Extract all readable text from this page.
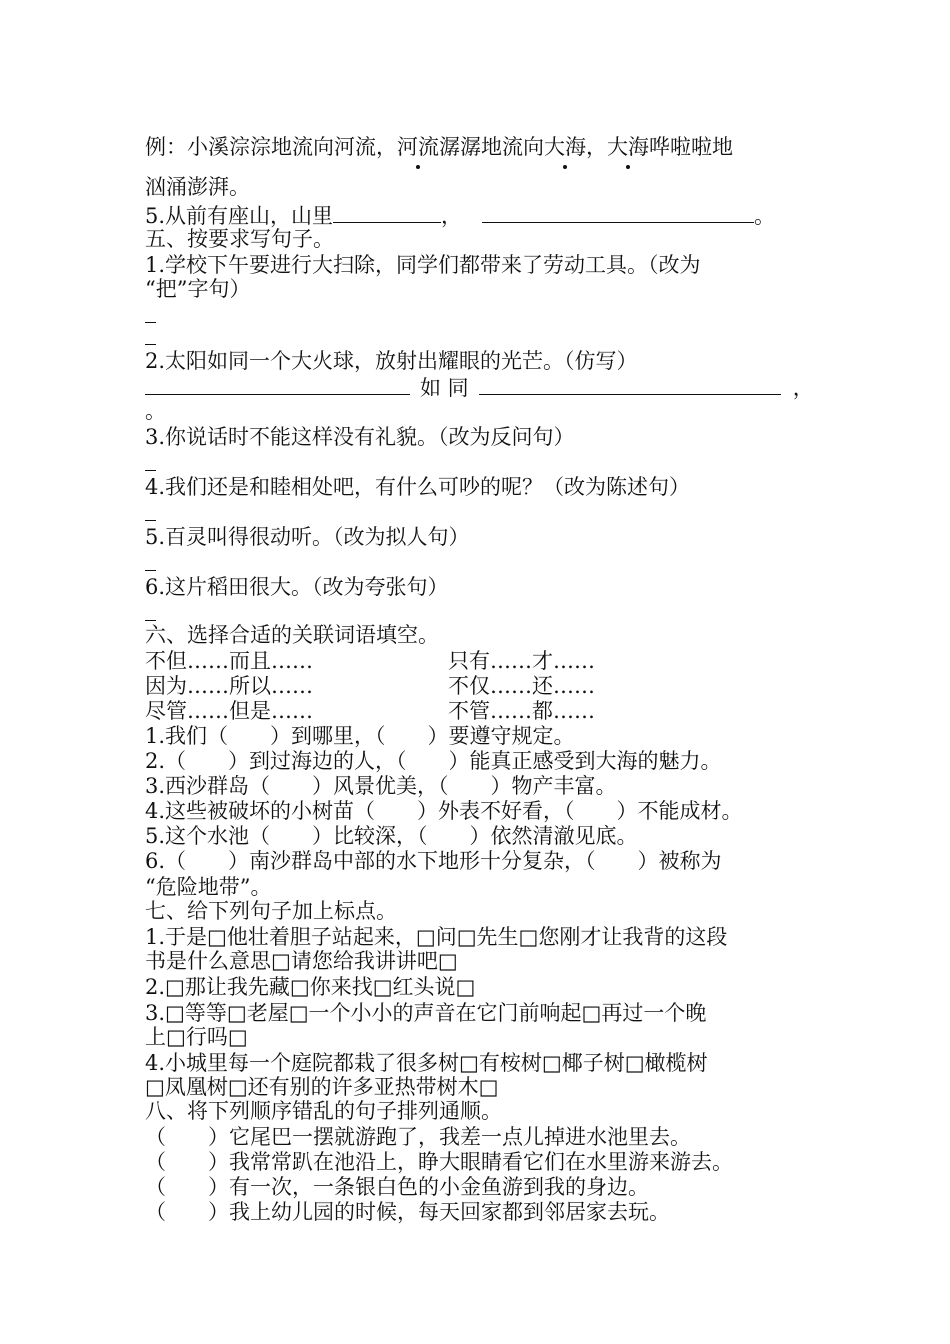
例：小溪淙淙地流向河流，河流潺潺地流向大海，大海哗啦啦地
汹涌澎湃。
5.从前有座山，山里	，	。
五、按要求写句子。
1.学校下午要进行大扫除，同学们都带来了劳动工具。（改为
“把”字句）
2.太阳如同一个大火球，放射出耀眼的光芒。（仿写）
如 同	，
。
3.你说话时不能这样没有礼貌。（改为反问句）
4.我们还是和睦相处吧，有什么可吵的呢？（改为陈述句）
5.百灵叫得很动听。（改为拟人句）
6.这片稻田很大。（改为夸张句）
六、选择合适的关联词语填空。
不但……而且……	只有……才……
因为……所以……	不仅……还……
尽管……但是……	不管……都……
1.我们（　　）到哪里，（　　）要遵守规定。
2.（　　）到过海边的人，（　　）能真正感受到大海的魅力。
3.西沙群岛（　　）风景优美，（　　）物产丰富。
4.这些被破坏的小树苗（　　）外表不好看，（　　）不能成材。
5.这个水池（　　）比较深，（　　）依然清澈见底。
6.（　　）南沙群岛中部的水下地形十分复杂，（　　）被称为
“危险地带”。
七、给下列句子加上标点。
1.于是□他壮着胆子站起来，□问□先生□您刚才让我背的这段
书是什么意思□请您给我讲讲吧□
2.□那让我先藏□你来找□红头说□
3.□等等□老屋□一个小小的声音在它门前响起□再过一个晚
上□行吗□
4.小城里每一个庭院都栽了很多树□有桉树□椰子树□橄榄树
□凤凰树□还有别的许多亚热带树木□
八、将下列顺序错乱的句子排列通顺。
（　　）它尾巴一摆就游跑了，我差一点儿掉进水池里去。
（　　）我常常趴在池沿上，睁大眼睛看它们在水里游来游去。
（　　）有一次，一条银白色的小金鱼游到我的身边。
（　　）我上幼儿园的时候，每天回家都到邻居家去玩。
